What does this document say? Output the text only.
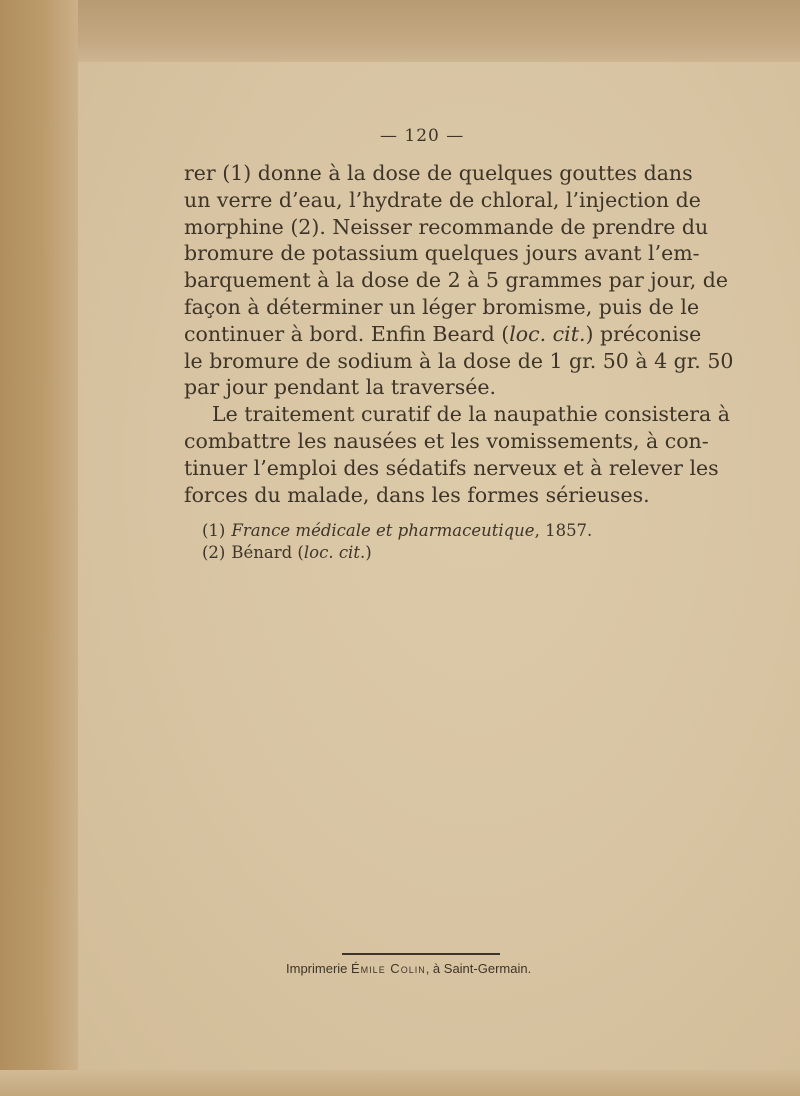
— 120 —
rer (1) donne à la dose de quelques gouttes dans
un verre d’eau, l’hydrate de chloral, l’injection de
morphine (2). Neisser recommande de prendre du
bromure de potassium quelques jours avant l’em-
barquement à la dose de 2 à 5 grammes par jour, de
façon à déterminer un léger bromisme, puis de le
continuer à bord. Enfin Beard (loc. cit.) préconise
le bromure de sodium à la dose de 1 gr. 50 à 4 gr. 50
par jour pendant la traversée.
Le traitement curatif de la naupathie consistera à
combattre les nausées et les vomissements, à con-
tinuer l’emploi des sédatifs nerveux et à relever les
forces du malade, dans les formes sérieuses.
(1) France médicale et pharmaceutique, 1857.
(2) Bénard (loc. cit.)
Imprimerie Émile Colin, à Saint-Germain.
